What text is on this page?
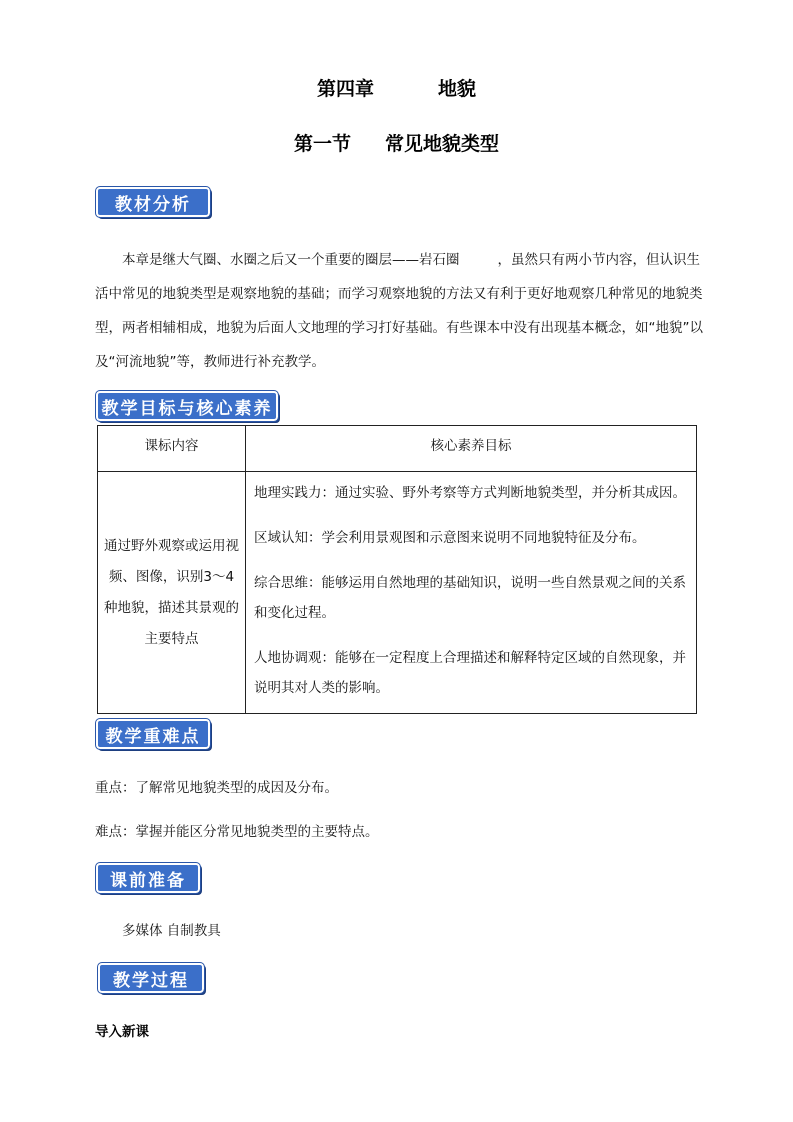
第四章	地貌
第一节 常见地貌类型
教材分析
本章是继大气圈、水圈之后又一个重要的圈层——岩石圈	，虽然只有两小节内容，但认识生活中常见的地貌类型是观察地貌的基础；而学习观察地貌的方法又有利于更好地观察几种常见的地貌类型，两者相辅相成，地貌为后面人文地理的学习打好基础。有些课本中没有出现基本概念，如“地貌”以及“河流地貌”等，教师进行补充教学。
教学目标与核心素养
课标内容	核心素养目标
通过野外观察或运用视频、图像，识别3～4种地貌，描述其景观的主要特点	地理实践力：通过实验、野外考察等方式判断地貌类型，并分析其成因。

区域认知：学会利用景观图和示意图来说明不同地貌特征及分布。

综合思维：能够运用自然地理的基础知识，说明一些自然景观之间的关系和变化过程。

人地协调观：能够在一定程度上合理描述和解释特定区域的自然现象，并说明其对人类的影响。

教学重难点
重点：了解常见地貌类型的成因及分布。
难点：掌握并能区分常见地貌类型的主要特点。
课前准备
多媒体 自制教具
教学过程
导入新课
